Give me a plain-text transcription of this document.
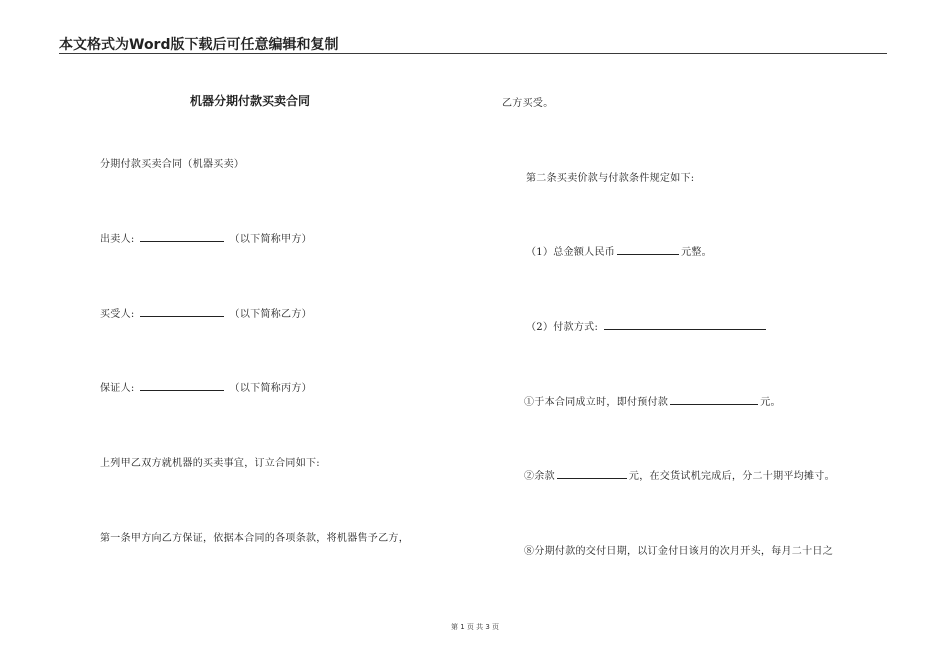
本文格式为Word版下载后可任意编辑和复制
机器分期付款买卖合同
分期付款买卖合同（机器买卖）
出卖人:	（以下简称甲方）
买受人:	（以下简称乙方）
保证人:	（以下简称丙方）
上列甲乙双方就机器的买卖事宜，订立合同如下:
第一条甲方向乙方保证，依据本合同的各项条款，将机器售予乙方，
乙方买受。
第二条买卖价款与付款条件规定如下:
（1）总金额人民币	元整。
（2）付款方式:
①于本合同成立时，即付预付款	元。
②余款	元，在交货试机完成后，分二十期平均摊寸。
⑧分期付款的交付日期，以订金付日该月的次月开头，每月二十日之
第 1 页 共 3 页
